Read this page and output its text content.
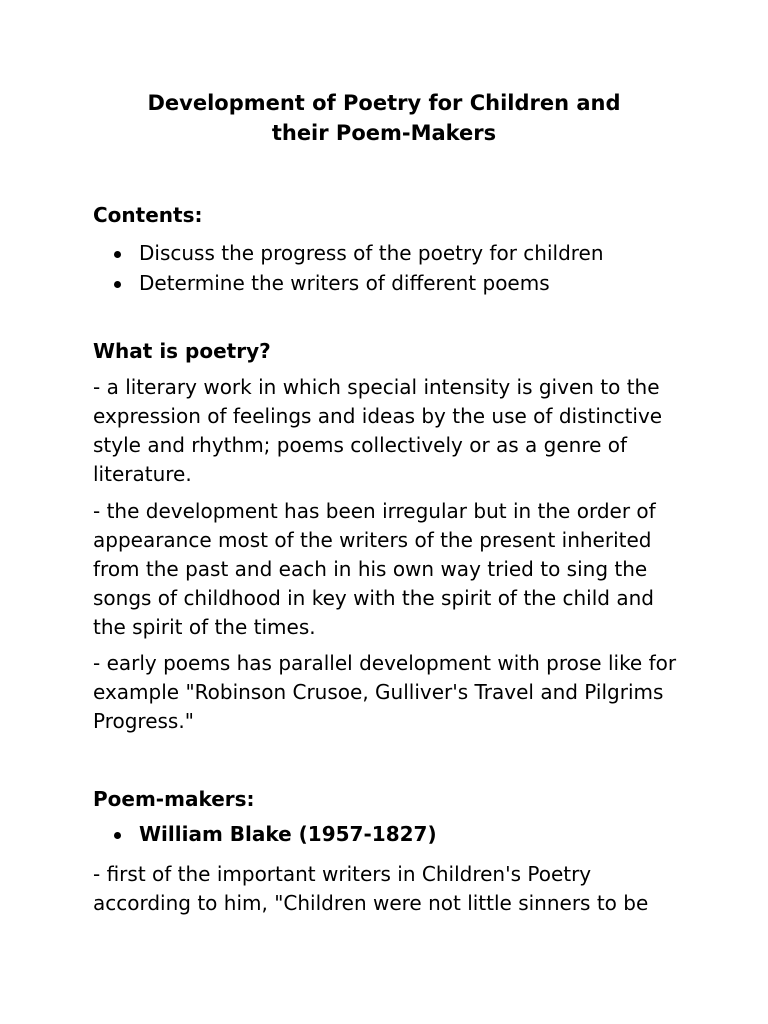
Development of Poetry for Children and
their Poem-Makers
Contents:
Discuss the progress of the poetry for children
Determine the writers of different poems
What is poetry?

- a literary work in which special intensity is given to the expression of feelings and ideas by the use of distinctive style and rhythm; poems collectively or as a genre of literature.

- the development has been irregular but in the order of appearance most of the writers of the present inherited from the past and each in his own way tried to sing the songs of childhood in key with the spirit of the child and the spirit of the times.

- early poems has parallel development with prose like for example "Robinson Crusoe, Gulliver's Travel and Pilgrims Progress."

Poem-makers:
William Blake (1957-1827)

- first of the important writers in Children's Poetry according to him, "Children were not little sinners to be
